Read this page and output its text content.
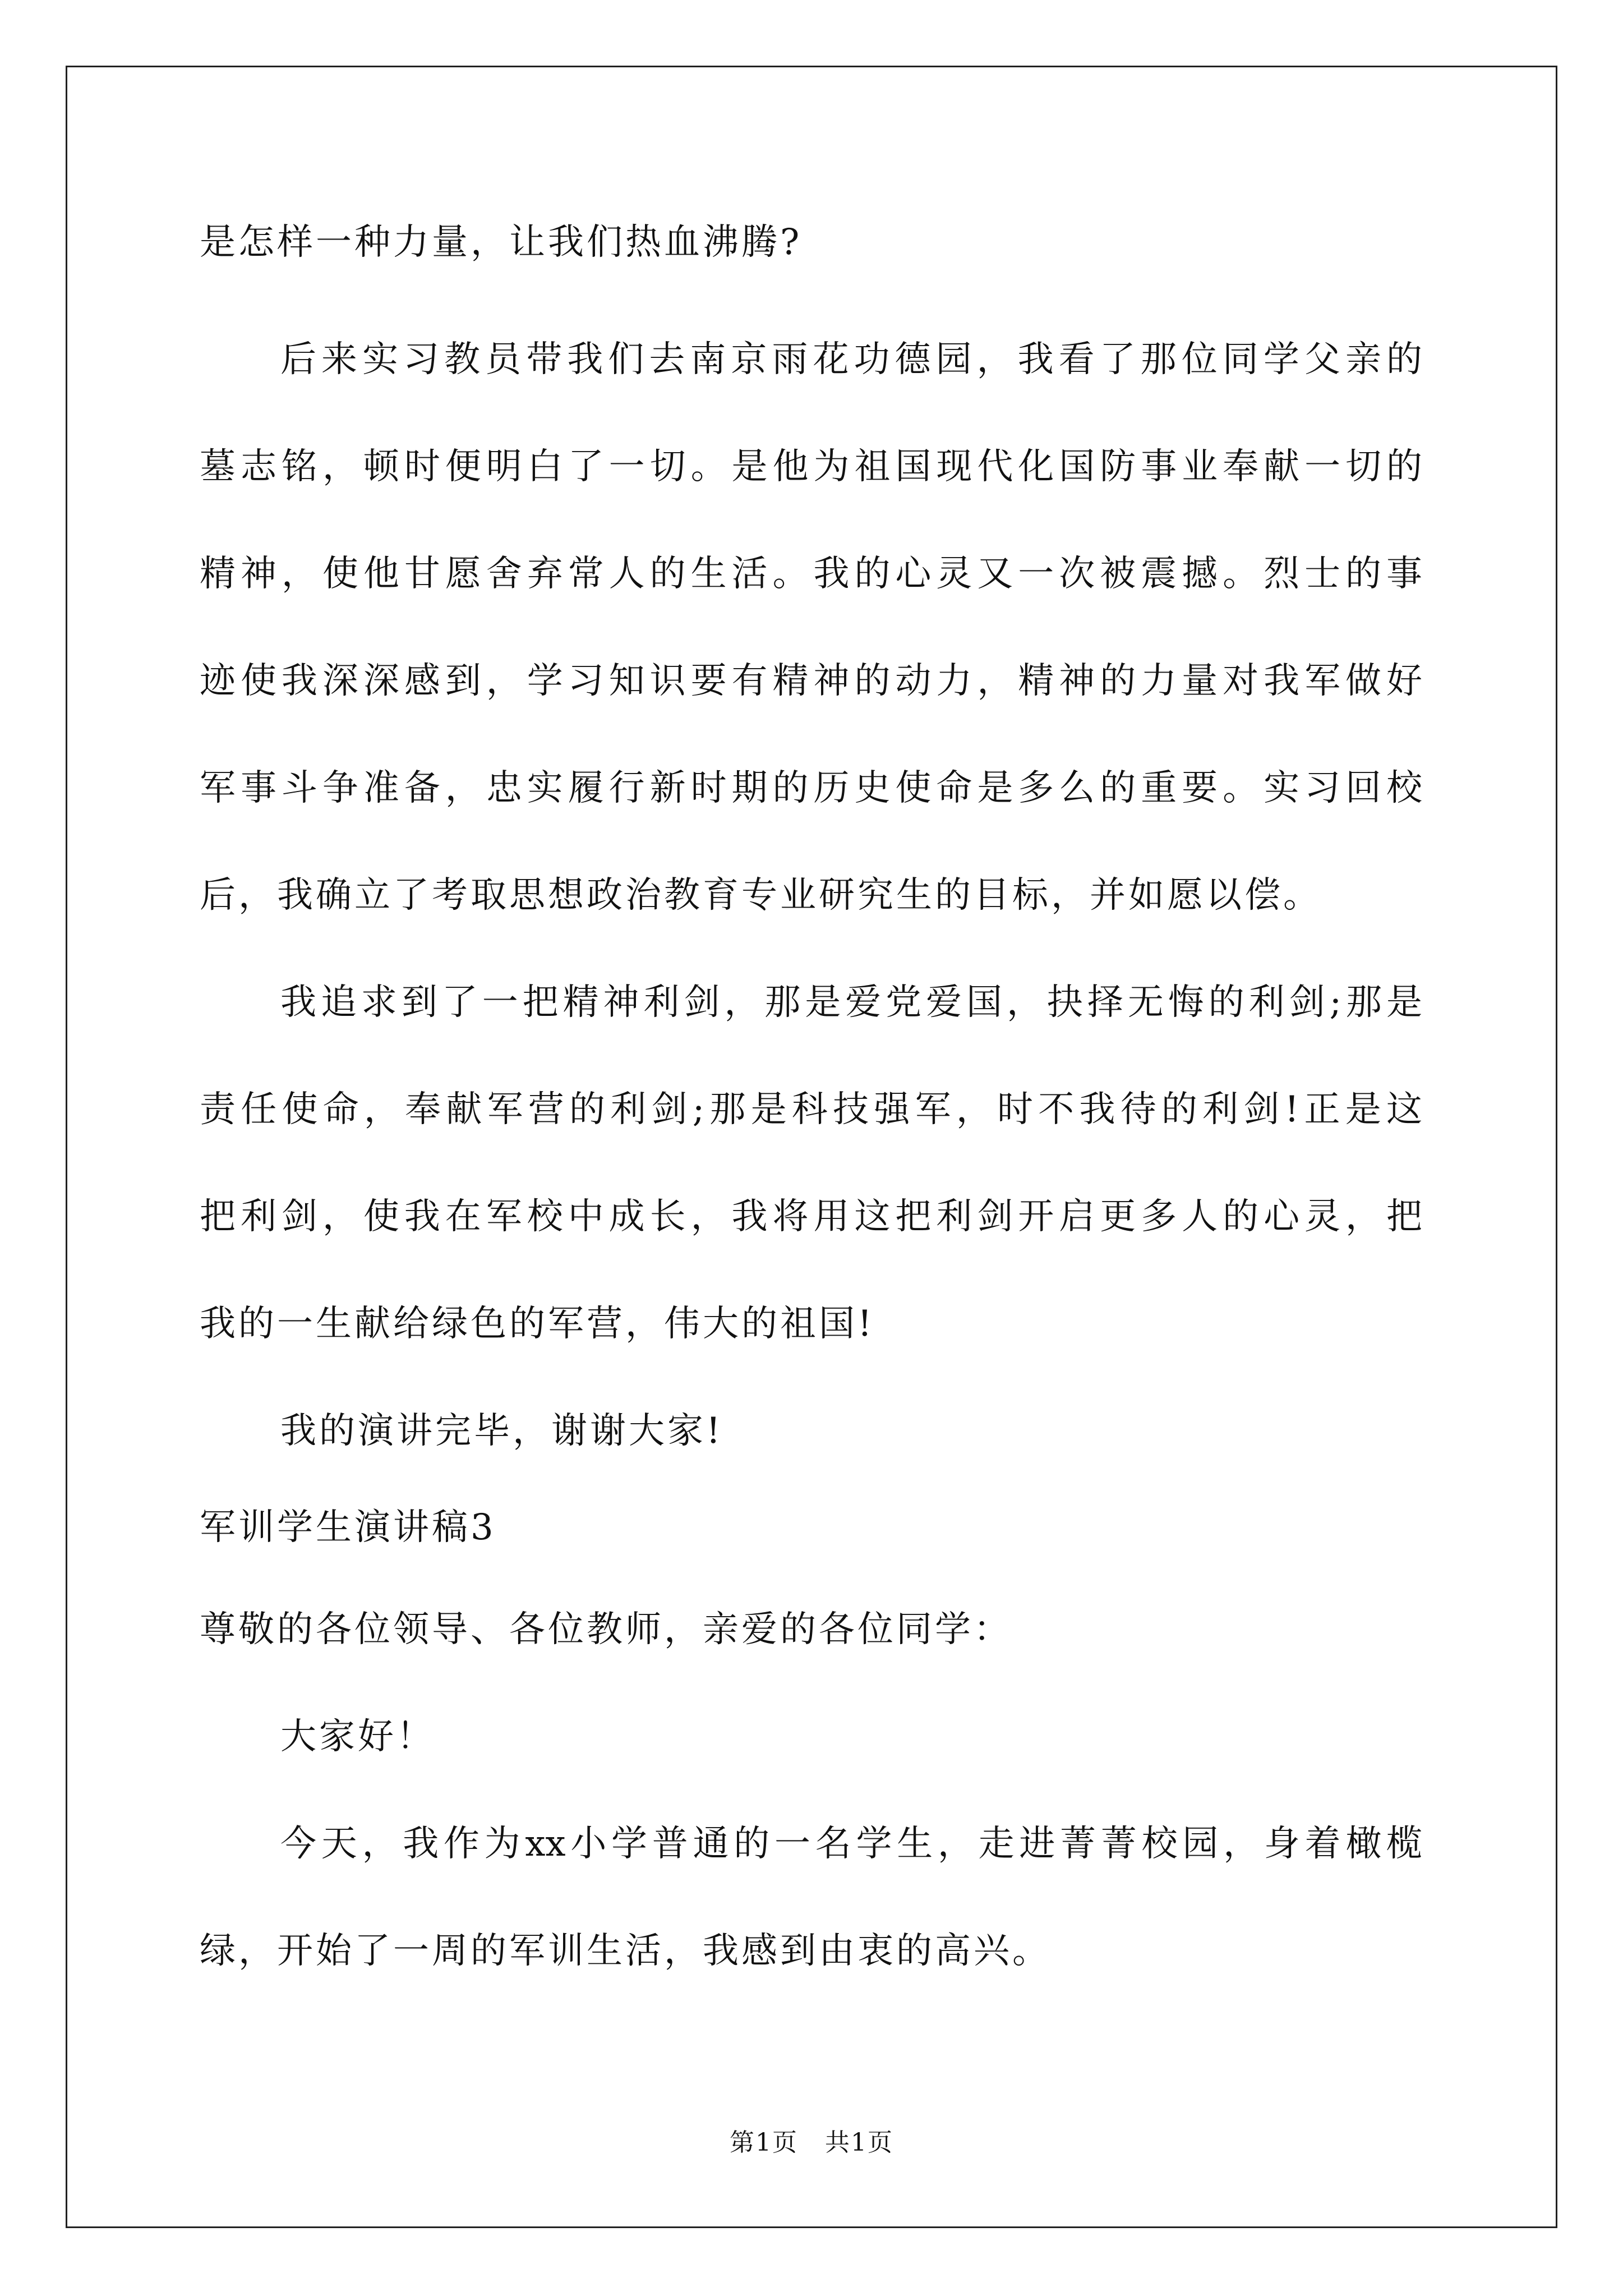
是怎样一种力量，让我们热血沸腾?
后来实习教员带我们去南京雨花功德园，我看了那位同学父亲的
墓志铭，顿时便明白了一切。是他为祖国现代化国防事业奉献一切的
精神，使他甘愿舍弃常人的生活。我的心灵又一次被震撼。烈士的事
迹使我深深感到，学习知识要有精神的动力，精神的力量对我军做好
军事斗争准备，忠实履行新时期的历史使命是多么的重要。实习回校
后，我确立了考取思想政治教育专业研究生的目标，并如愿以偿。
我追求到了一把精神利剑，那是爱党爱国，抉择无悔的利剑;那是
责任使命，奉献军营的利剑;那是科技强军，时不我待的利剑!正是这
把利剑，使我在军校中成长，我将用这把利剑开启更多人的心灵，把
我的一生献给绿色的军营，伟大的祖国!
我的演讲完毕，谢谢大家!
军训学生演讲稿3
尊敬的各位领导、各位教师，亲爱的各位同学：
大家好！
今天，我作为xx小学普通的一名学生，走进菁菁校园，身着橄榄
绿，开始了一周的军训生活，我感到由衷的高兴。
第1页   共1页
